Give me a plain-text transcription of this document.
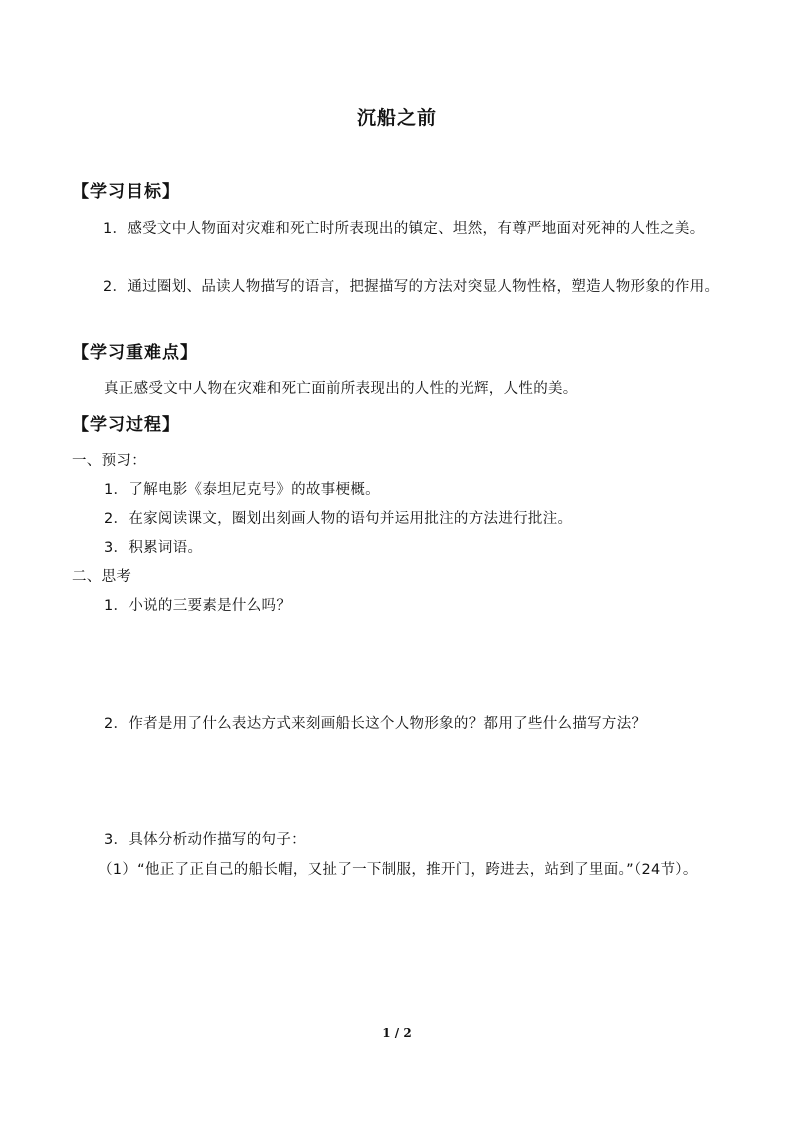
沉船之前
【学习目标】
1．感受文中人物面对灾难和死亡时所表现出的镇定、坦然，有尊严地面对死神的人性之美。
2．通过圈划、品读人物描写的语言，把握描写的方法对突显人物性格，塑造人物形象的作用。
【学习重难点】
真正感受文中人物在灾难和死亡面前所表现出的人性的光辉，人性的美。
【学习过程】
一、预习：
1．了解电影《泰坦尼克号》的故事梗概。
2．在家阅读课文，圈划出刻画人物的语句并运用批注的方法进行批注。
3．积累词语。
二、思考
1．小说的三要素是什么吗？
2．作者是用了什么表达方式来刻画船长这个人物形象的？都用了些什么描写方法？
3．具体分析动作描写的句子：
（1）“他正了正自己的船长帽，又扯了一下制服，推开门，跨进去，站到了里面。”（24节）。
1 / 2
